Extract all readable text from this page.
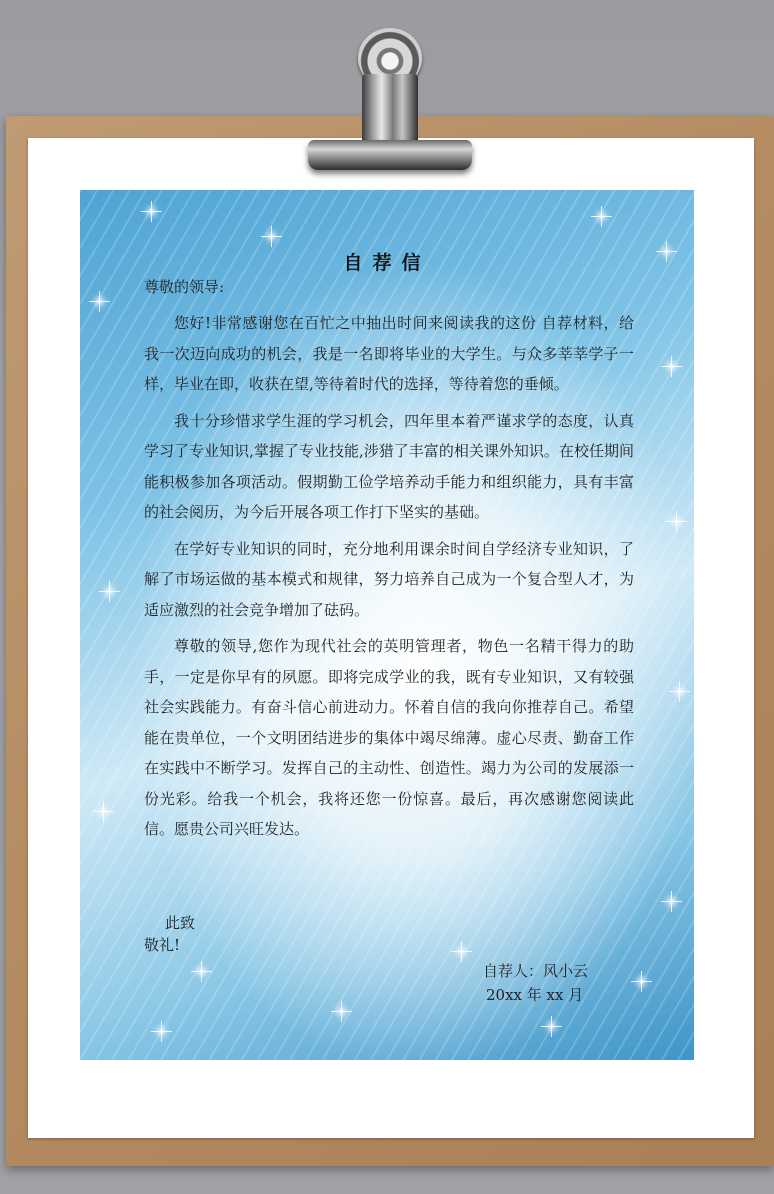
自荐信
尊敬的领导:

您好!非常感谢您在百忙之中抽出时间来阅读我的这份 自荐材料，给我一次迈向成功的机会，我是一名即将毕业的大学生。与众多莘莘学子一样，毕业在即，收获在望,等待着时代的选择，等待着您的垂倾。

我十分珍惜求学生涯的学习机会，四年里本着严谨求学的态度，认真学习了专业知识,掌握了专业技能,涉猎了丰富的相关课外知识。在校任期间能积极参加各项活动。假期勤工俭学培养动手能力和组织能力，具有丰富的社会阅历，为今后开展各项工作打下坚实的基础。

在学好专业知识的同时，充分地利用课余时间自学经济专业知识，了解了市场运做的基本模式和规律，努力培养自己成为一个复合型人才，为适应激烈的社会竞争增加了砝码。

尊敬的领导,您作为现代社会的英明管理者，物色一名精干得力的助手，一定是你早有的夙愿。即将完成学业的我，既有专业知识，又有较强社会实践能力。有奋斗信心前进动力。怀着自信的我向你推荐自己。希望能在贵单位，一个文明团结进步的集体中竭尽绵薄。虚心尽责、勤奋工作在实践中不断学习。发挥自己的主动性、创造性。竭力为公司的发展添一份光彩。给我一个机会，我将还您一份惊喜。最后，再次感谢您阅读此信。愿贵公司兴旺发达。

此致
敬礼!
自荐人：风小云
20xx 年 xx 月
